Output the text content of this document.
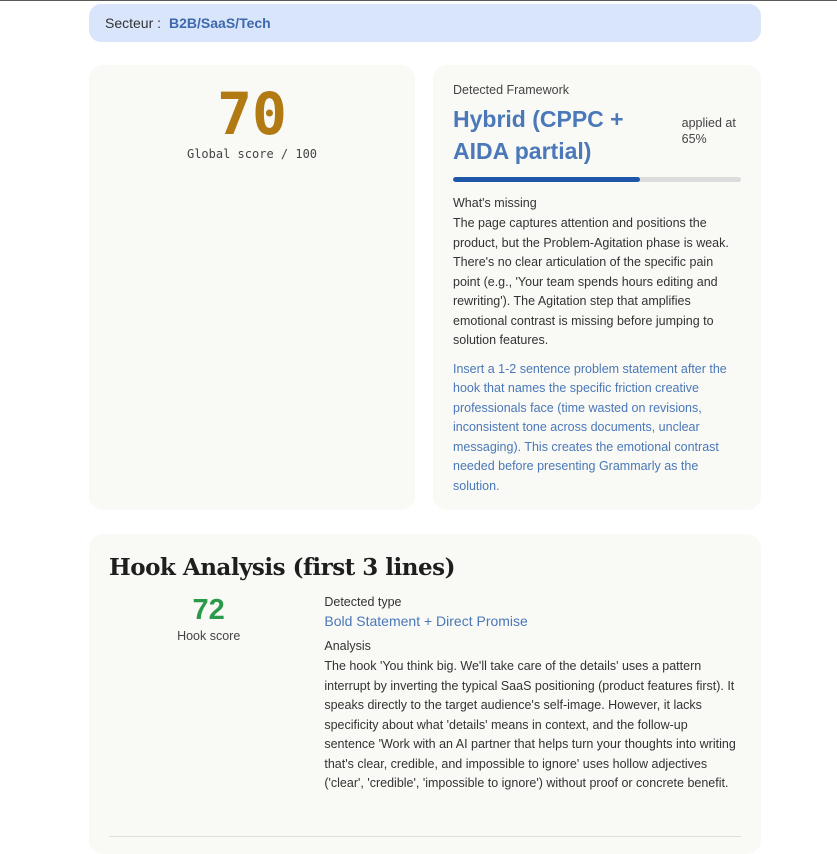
Secteur : B2B/SaaS/Tech
70
Global score / 100
Detected Framework
Hybrid (CPPC + AIDA partial)
applied at 65%
What's missing
The page captures attention and positions the product, but the Problem-Agitation phase is weak. There's no clear articulation of the specific pain point (e.g., 'Your team spends hours editing and rewriting'). The Agitation step that amplifies emotional contrast is missing before jumping to solution features.
Insert a 1-2 sentence problem statement after the hook that names the specific friction creative professionals face (time wasted on revisions, inconsistent tone across documents, unclear messaging). This creates the emotional contrast needed before presenting Grammarly as the solution.
Hook Analysis (first 3 lines)
72
Hook score
Detected type
Bold Statement + Direct Promise
Analysis
The hook 'You think big. We'll take care of the details' uses a pattern interrupt by inverting the typical SaaS positioning (product features first). It speaks directly to the target audience's self-image. However, it lacks specificity about what 'details' means in context, and the follow-up sentence 'Work with an AI partner that helps turn your thoughts into writing that's clear, credible, and impossible to ignore' uses hollow adjectives ('clear', 'credible', 'impossible to ignore') without proof or concrete benefit.
